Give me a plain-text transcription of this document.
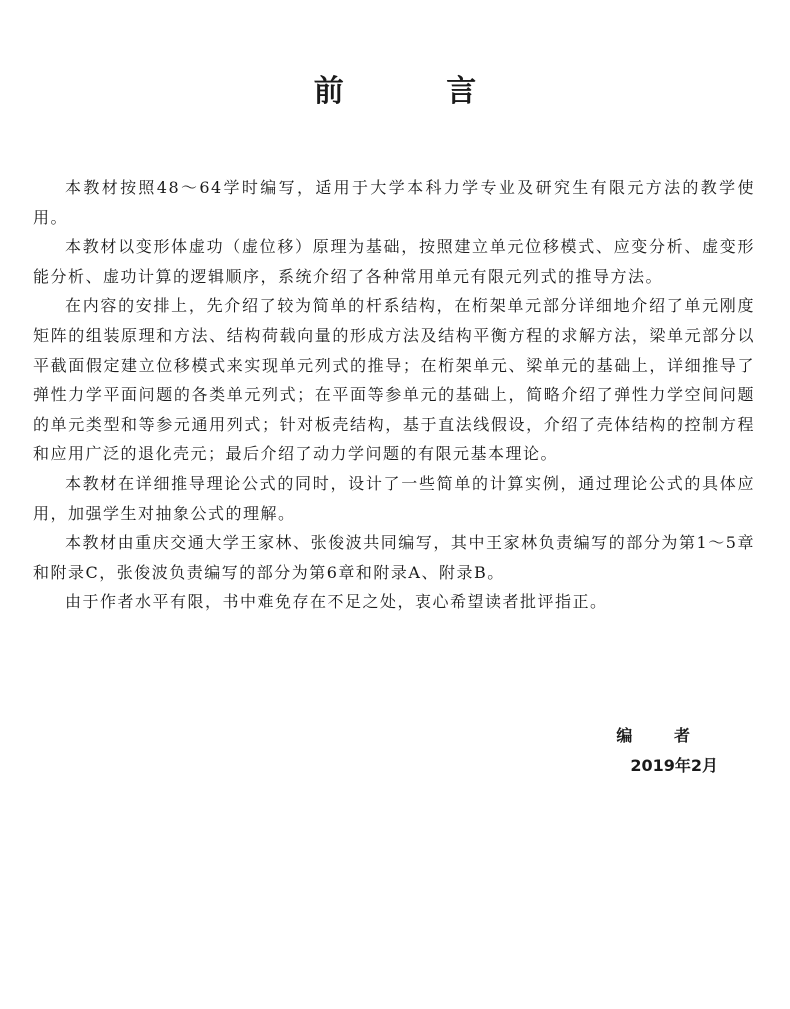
前 言

本教材按照48～64学时编写，适用于大学本科力学专业及研究生有限元方法的教学使用。

本教材以变形体虚功（虚位移）原理为基础，按照建立单元位移模式、应变分析、虚变形能分析、虚功计算的逻辑顺序，系统介绍了各种常用单元有限元列式的推导方法。

在内容的安排上，先介绍了较为简单的杆系结构，在桁架单元部分详细地介绍了单元刚度矩阵的组装原理和方法、结构荷载向量的形成方法及结构平衡方程的求解方法，梁单元部分以平截面假定建立位移模式来实现单元列式的推导；在桁架单元、梁单元的基础上，详细推导了弹性力学平面问题的各类单元列式；在平面等参单元的基础上，简略介绍了弹性力学空间问题的单元类型和等参元通用列式；针对板壳结构，基于直法线假设，介绍了壳体结构的控制方程和应用广泛的退化壳元；最后介绍了动力学问题的有限元基本理论。

本教材在详细推导理论公式的同时，设计了一些简单的计算实例，通过理论公式的具体应用，加强学生对抽象公式的理解。

本教材由重庆交通大学王家林、张俊波共同编写，其中王家林负责编写的部分为第1～5章和附录C，张俊波负责编写的部分为第6章和附录A、附录B。

由于作者水平有限，书中难免存在不足之处，衷心希望读者批评指正。

编 者
2019年2月
